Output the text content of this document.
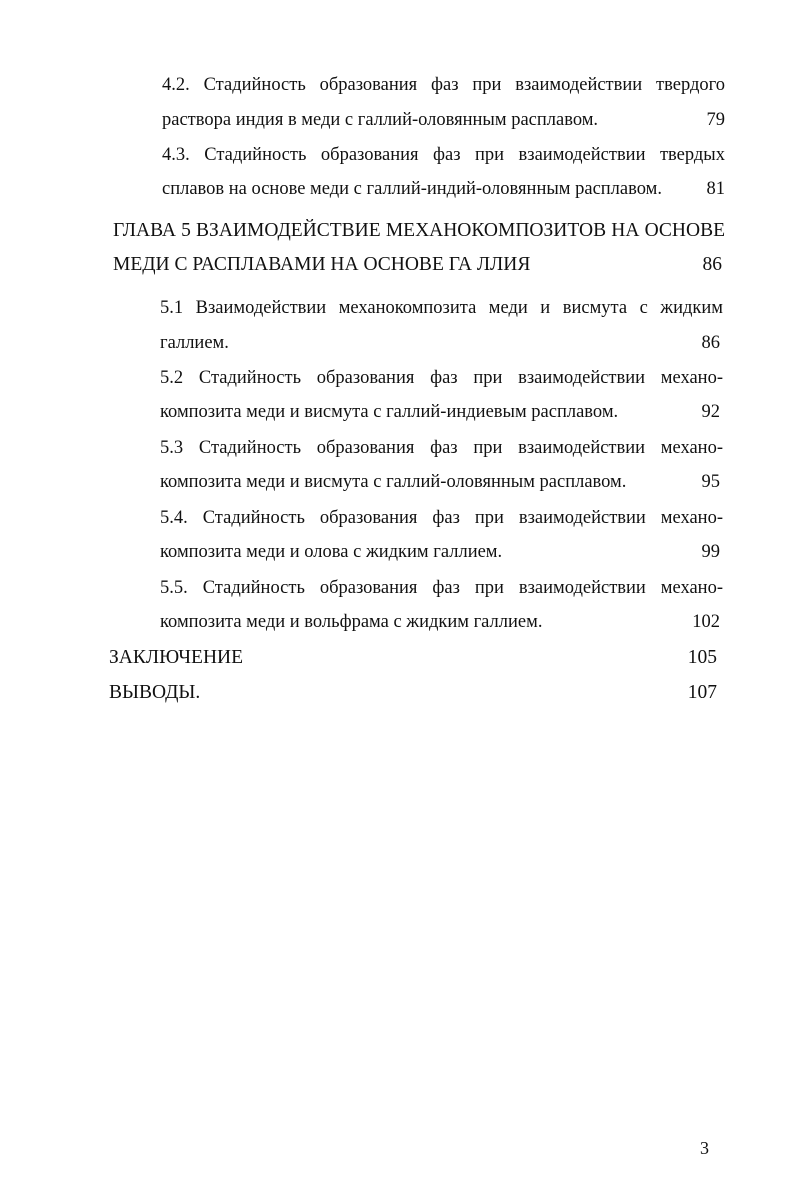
4.2. Стадийность образования фаз при взаимодействии твердого
раствора индия в меди с галлий-оловянным расплавом.	79
4.3. Стадийность образования фаз при взаимодействии твердых
сплавов на основе меди с галлий-индий-оловянным расплавом. 81
ГЛАВА 5 ВЗАИМОДЕЙСТВИЕ МЕХАНОКОМПОЗИТОВ НА ОСНОВЕ
МЕДИ С РАСПЛАВАМИ НА ОСНОВЕ ГА ЛЛИЯ	86
5.1 Взаимодействии механокомпозита меди и висмута с жидким
галлием.	86
5.2 Стадийность образования фаз при взаимодействии механо-
композита меди и висмута с галлий-индиевым расплавом.	92
5.3 Стадийность образования фаз при взаимодействии механо-
композита меди и висмута с галлий-оловянным расплавом.	95
5.4. Стадийность образования фаз при взаимодействии механо-
композита меди и олова с жидким галлием.	99
5.5. Стадийность образования фаз при взаимодействии механо-
композита меди и вольфрама с жидким галлием.	102
ЗАКЛЮЧЕНИЕ	105
ВЫВОДЫ.	107
3
